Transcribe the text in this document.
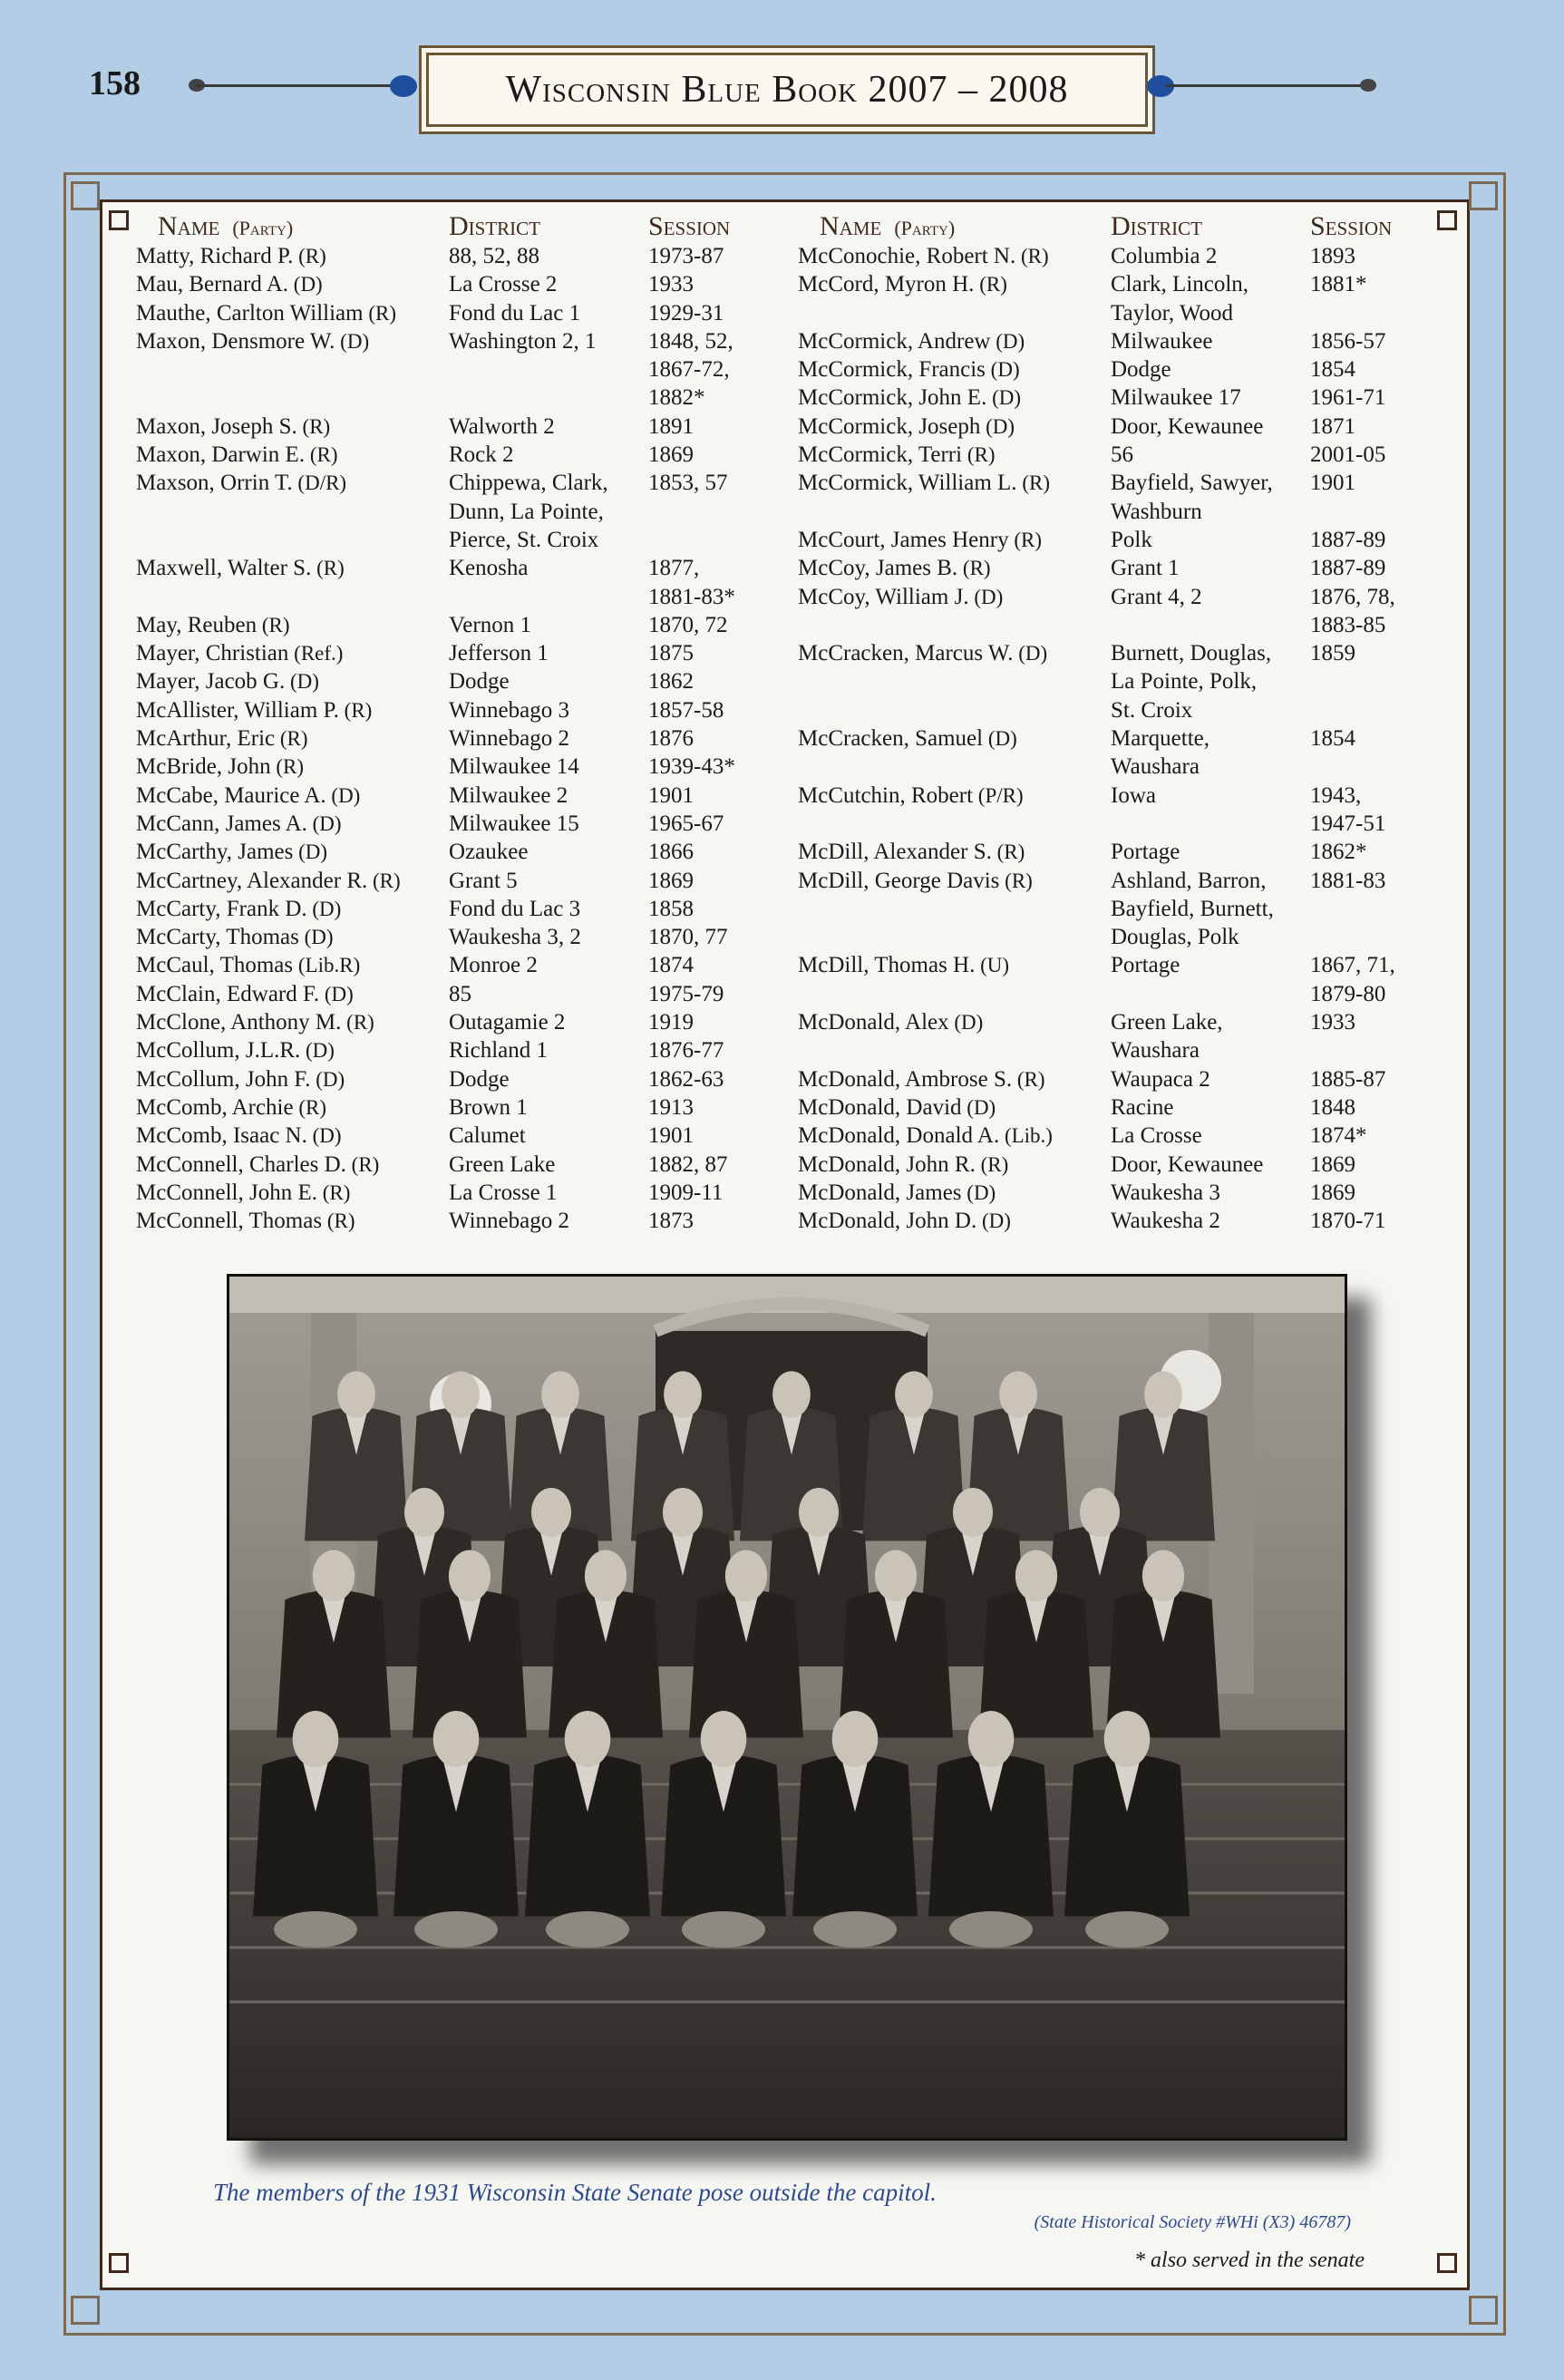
158	Wisconsin Blue Book 2007 – 2008
Name (Party)	District	Session
Matty, Richard P. (R)	88, 52, 88	1973-87
Mau, Bernard A. (D)	La Crosse 2	1933
Mauthe, Carlton William (R)	Fond du Lac 1	1929-31
Maxon, Densmore W. (D)	Washington 2, 1	1848, 52,
1867-72,
1882*
Maxon, Joseph S. (R)	Walworth 2	1891
Maxon, Darwin E. (R)	Rock 2	1869
Maxson, Orrin T. (D/R)	Chippewa, Clark,
Dunn, La Pointe,
Pierce, St. Croix
1853, 57
Maxwell, Walter S. (R)	Kenosha	1877,
1881-83*
May, Reuben (R)	Vernon 1	1870, 72
Mayer, Christian (Ref.)	Jefferson 1	1875
Mayer, Jacob G. (D)	Dodge	1862
McAllister, William P. (R)	Winnebago 3	1857-58
McArthur, Eric (R)	Winnebago 2	1876
McBride, John (R)	Milwaukee 14	1939-43*
McCabe, Maurice A. (D)	Milwaukee 2	1901
McCann, James A. (D)	Milwaukee 15	1965-67
McCarthy, James (D)	Ozaukee	1866
McCartney, Alexander R. (R)	Grant 5	1869
McCarty, Frank D. (D)	Fond du Lac 3	1858
McCarty, Thomas (D)	Waukesha 3, 2	1870, 77
McCaul, Thomas (Lib.R)	Monroe 2	1874
McClain, Edward F. (D)	85	1975-79
McClone, Anthony M. (R)	Outagamie 2	1919
McCollum, J.L.R. (D)	Richland 1	1876-77
McCollum, John F. (D)	Dodge	1862-63
McComb, Archie (R)	Brown 1	1913
McComb, Isaac N. (D)	Calumet	1901
McConnell, Charles D. (R)	Green Lake	1882, 87
McConnell, John E. (R)	La Crosse 1	1909-11
McConnell, Thomas (R)	Winnebago 2	1873
Name (Party)	District	Session
McConochie, Robert N. (R)	Columbia 2	1893
McCord, Myron H. (R)	Clark, Lincoln,
Taylor, Wood
1881*
McCormick, Andrew (D)	Milwaukee	1856-57
McCormick, Francis (D)	Dodge	1854
McCormick, John E. (D)	Milwaukee 17	1961-71
McCormick, Joseph (D)	Door, Kewaunee	1871
McCormick, Terri (R)	56	2001-05
McCormick, William L. (R)	Bayfield, Sawyer,
Washburn
1901
McCourt, James Henry (R)	Polk	1887-89
McCoy, James B. (R)	Grant 1	1887-89
McCoy, William J. (D)	Grant 4, 2	1876, 78,
1883-85
McCracken, Marcus W. (D)	Burnett, Douglas,
La Pointe, Polk,
St. Croix
1859
McCracken, Samuel (D)	Marquette,
Waushara
1854
McCutchin, Robert (P/R)	Iowa	1943,
1947-51
McDill, Alexander S. (R)	Portage	1862*
McDill, George Davis (R)	Ashland, Barron,
Bayfield, Burnett,
Douglas, Polk
1881-83
McDill, Thomas H. (U)	Portage	1867, 71,
1879-80
McDonald, Alex (D)	Green Lake,
Waushara
1933
McDonald, Ambrose S. (R)	Waupaca 2	1885-87
McDonald, David (D)	Racine	1848
McDonald, Donald A. (Lib.)	La Crosse	1874*
McDonald, John R. (R)	Door, Kewaunee	1869
McDonald, James (D)	Waukesha 3	1869
McDonald, John D. (D)	Waukesha 2	1870-71
The members of the 1931 Wisconsin State Senate pose outside the capitol.
(State Historical Society #WHi (X3) 46787)
* also served in the senate
